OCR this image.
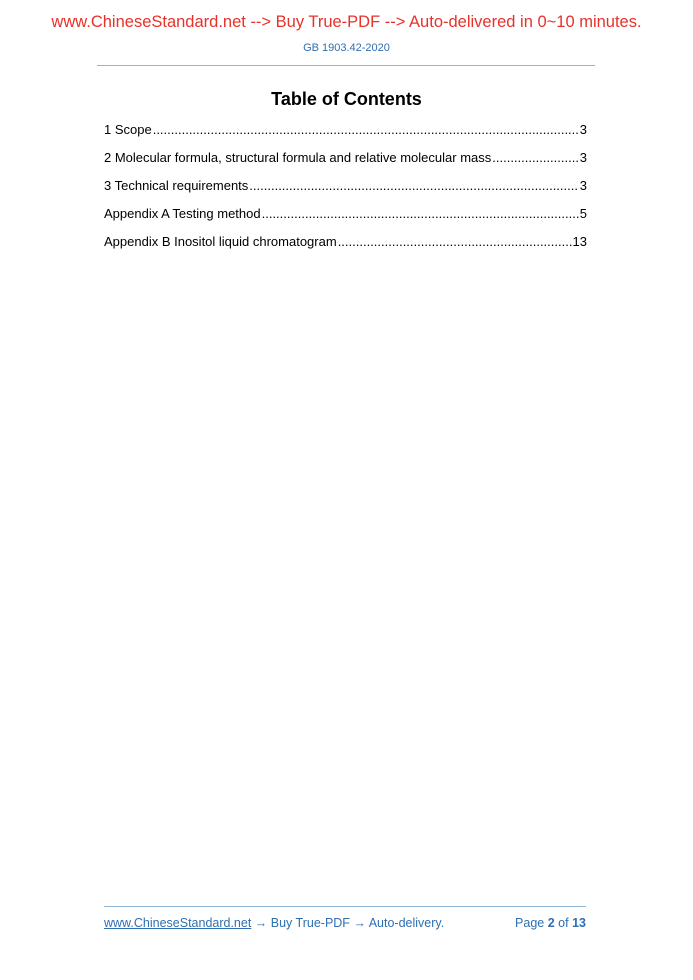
www.ChineseStandard.net --> Buy True-PDF --> Auto-delivered in 0~10 minutes.
GB 1903.42-2020
Table of Contents
1 Scope .....	3
2 Molecular formula, structural formula and relative molecular mass .....	3
3 Technical requirements .....	3
Appendix A Testing method .....	5
Appendix B Inositol liquid chromatogram .....	13
www.ChineseStandard.net → Buy True-PDF → Auto-delivery.	Page 2 of 13
